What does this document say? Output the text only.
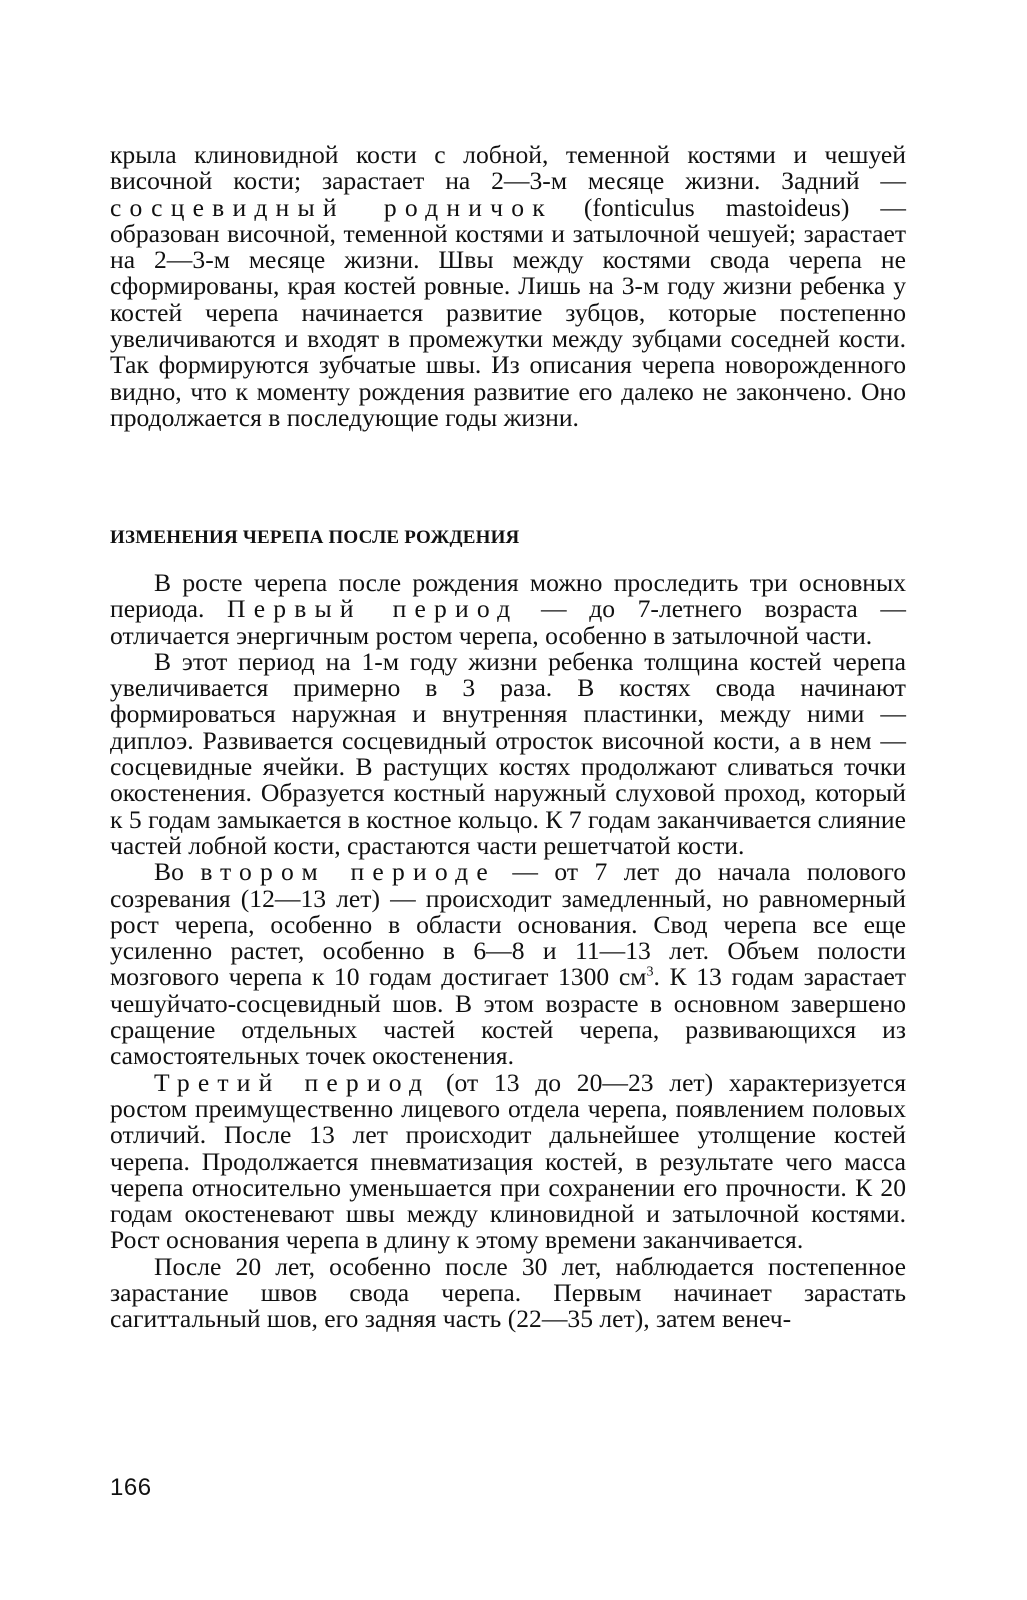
крыла клиновидной кости с лобной, теменной костями и чешуей височной кости; зарастает на 2—3-м месяце жизни. Задний — сосцевидный родничок (fonticulus mastoideus) — образован височной, теменной костями и затылочной чешуей; зарастает на 2—3-м месяце жизни. Швы между костями свода черепа не сформированы, края костей ровные. Лишь на 3-м году жизни ребенка у костей черепа начинается развитие зубцов, которые постепенно увеличиваются и входят в промежутки между зубцами соседней кости. Так формируются зубчатые швы. Из описания черепа новорожденного видно, что к моменту рождения развитие его далеко не закончено. Оно продолжается в последующие годы жизни.

ИЗМЕНЕНИЯ ЧЕРЕПА ПОСЛЕ РОЖДЕНИЯ

В росте черепа после рождения можно проследить три основных периода. Первый период — до 7-летнего возраста — отличается энергичным ростом черепа, особенно в затылочной части.

В этот период на 1-м году жизни ребенка толщина костей черепа увеличивается примерно в 3 раза. В костях свода начинают формироваться наружная и внутренняя пластинки, между ними — диплоэ. Развивается сосцевидный отросток височной кости, а в нем — сосцевидные ячейки. В растущих костях продолжают сливаться точки окостенения. Образуется костный наружный слуховой проход, который к 5 годам замыкается в костное кольцо. К 7 годам заканчивается слияние частей лобной кости, срастаются части решетчатой кости.

Во втором периоде — от 7 лет до начала полового созревания (12—13 лет) — происходит замедленный, но равномерный рост черепа, особенно в области основания. Свод черепа все еще усиленно растет, особенно в 6—8 и 11—13 лет. Объем полости мозгового черепа к 10 годам достигает 1300 $см^3$. К 13 годам зарастает чешуйчато-сосцевидный шов. В этом возрасте в основном завершено сращение отдельных частей костей черепа, развивающихся из самостоятельных точек окостенения.

Третий период (от 13 до 20—23 лет) характеризуется ростом преимущественно лицевого отдела черепа, появлением половых отличий. После 13 лет происходит дальнейшее утолщение костей черепа. Продолжается пневматизация костей, в результате чего масса черепа относительно уменьшается при сохранении его прочности. К 20 годам окостеневают швы между клиновидной и затылочной костями. Рост основания черепа в длину к этому времени заканчивается.

После 20 лет, особенно после 30 лет, наблюдается постепенное зарастание швов свода черепа. Первым начинает зарастать сагиттальный шов, его задняя часть (22—35 лет), затем венеч-

166
